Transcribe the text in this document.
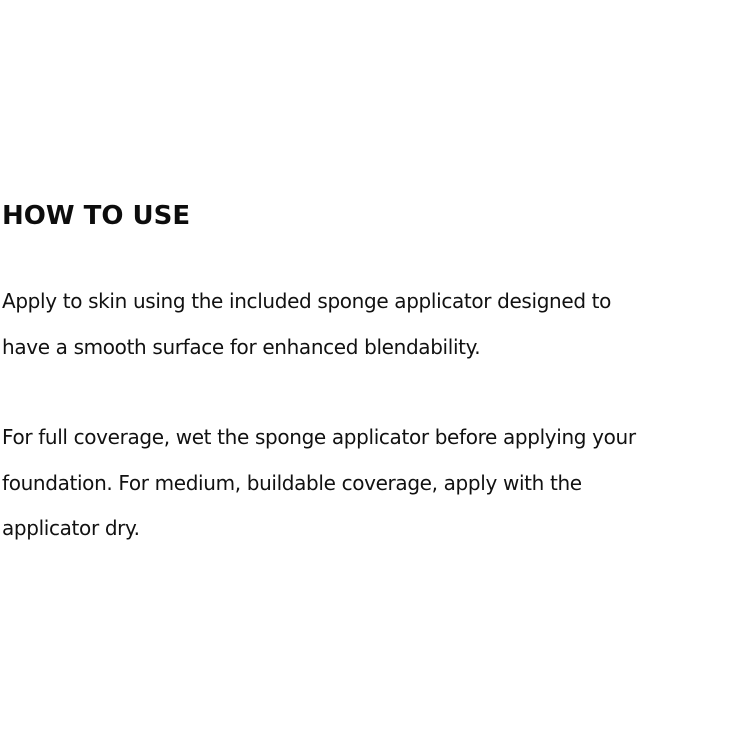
HOW TO USE

Apply to skin using the included sponge applicator designed to
have a smooth surface for enhanced blendability.

For full coverage, wet the sponge applicator before applying your
foundation. For medium, buildable coverage, apply with the
applicator dry.
